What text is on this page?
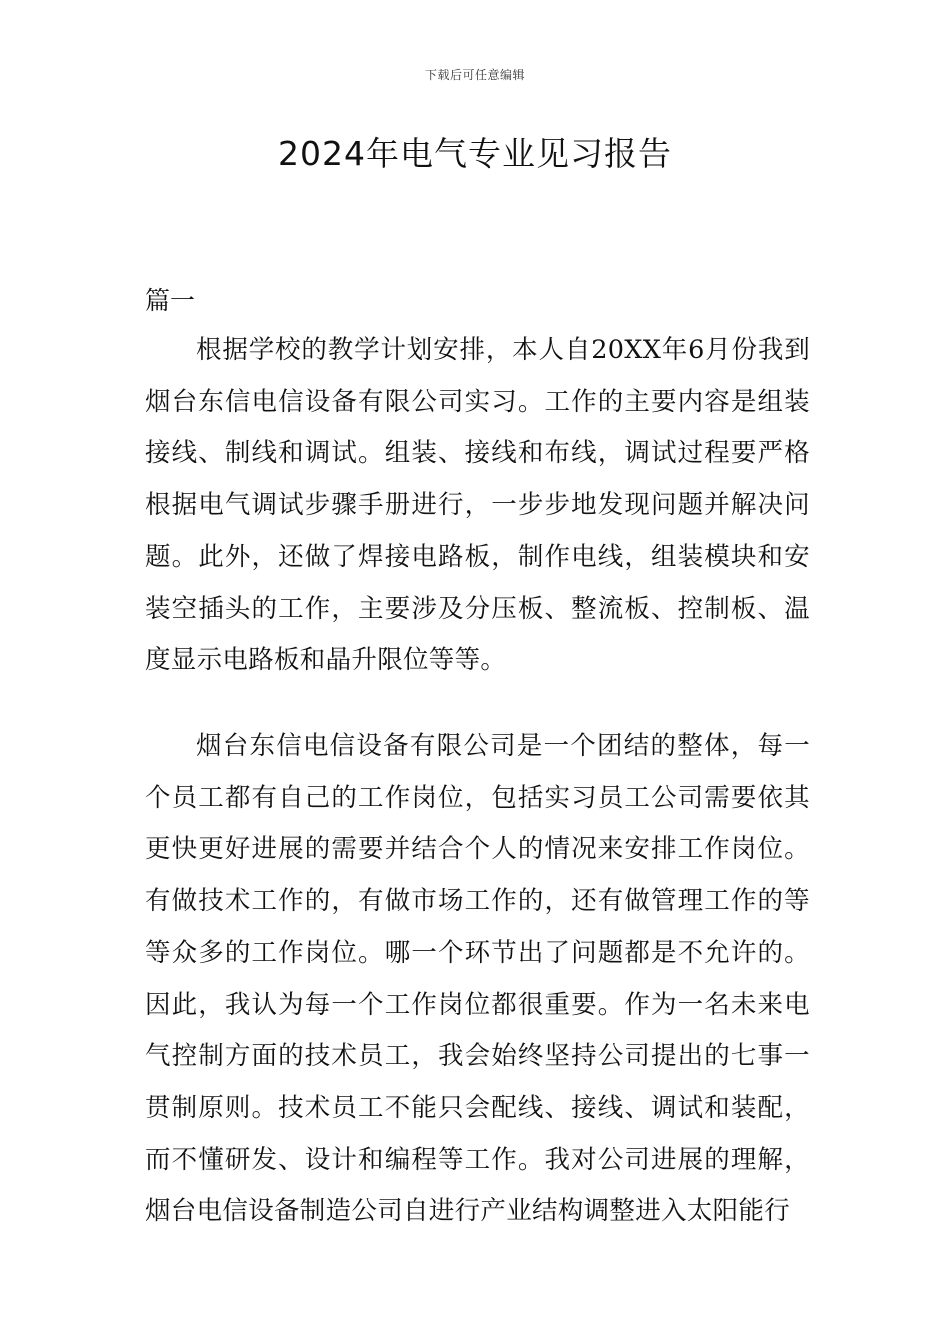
下载后可任意编辑
2024年电气专业见习报告
篇一

根据学校的教学计划安排，本人自20XX年6月份我到烟台东信电信设备有限公司实习。工作的主要内容是组装接线、制线和调试。组装、接线和布线，调试过程要严格根据电气调试步骤手册进行，一步步地发现问题并解决问题。此外，还做了焊接电路板，制作电线，组装模块和安装空插头的工作，主要涉及分压板、整流板、控制板、温度显示电路板和晶升限位等等。

烟台东信电信设备有限公司是一个团结的整体，每一个员工都有自己的工作岗位，包括实习员工公司需要依其更快更好进展的需要并结合个人的情况来安排工作岗位。有做技术工作的，有做市场工作的，还有做管理工作的等等众多的工作岗位。哪一个环节出了问题都是不允许的。因此，我认为每一个工作岗位都很重要。作为一名未来电气控制方面的技术员工，我会始终坚持公司提出的七事一贯制原则。技术员工不能只会配线、接线、调试和装配，而不懂研发、设计和编程等工作。我对公司进展的理解，烟台电信设备制造公司自进行产业结构调整进入太阳能行
